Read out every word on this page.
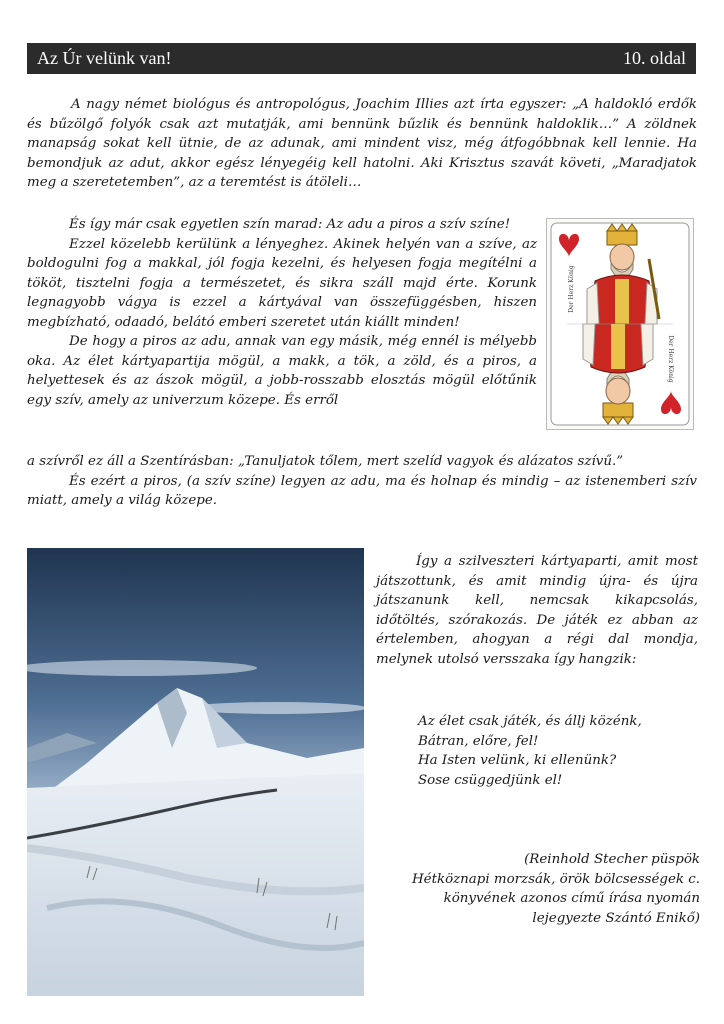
Az Úr velünk van!	10. oldal
A nagy német biológus és antropológus, Joachim Illies azt írta egyszer: „A haldokló erdők és bűzölgő folyók csak azt mutatják, ami bennünk bűzlik és bennünk haldoklik…” A zöldnek manapság sokat kell ütnie, de az adunak, ami mindent visz, még átfogóbbnak kell lennie. Ha bemondjuk az adut, akkor egész lényegéig kell hatolni. Aki Krisztus szavát követi, „Maradjatok meg a szeretetemben”, az a teremtést is átöleli…

És így már csak egyetlen szín marad: Az adu a piros a szív színe!

Ezzel közelebb kerülünk a lényeghez. Akinek helyén van a szíve, az boldogulni fog a makkal, jól fogja kezelni, és helyesen fogja megítélni a tököt, tisztelni fogja a természetet, és sikra száll majd érte. Korunk legnagyobb vágya is ezzel a kártyával van összefüggésben, hiszen megbízható, odaadó, belátó emberi szeretet után kiállt minden!

De hogy a piros az adu, annak van egy másik, még ennél is mélyebb oka. Az élet kártyapartija mögül, a makk, a tök, a zöld, és a piros, a helyettesek és az ászok mögül, a jobb-rosszabb elosztás mögül előtűnik egy szív, amely az univerzum közepe. És erről

a szívről ez áll a Szentírásban: „Tanuljatok tőlem, mert szelíd vagyok és alázatos szívű.”

És ezért a piros, (a szív színe) legyen az adu, ma és holnap és mindig – az istenemberi szív miatt, amely a világ közepe.

Der Herz König
Der Herz König

Így a szilveszteri kártyaparti, amit most játszottunk, és amit mindig újra- és újra játszanunk kell, nemcsak kikapcsolás, időtöltés, szórakozás. De játék ez abban az értelemben, ahogyan a régi dal mondja, melynek utolsó versszaka így hangzik:

Az élet csak játék, és állj közénk,
Bátran, előre, fel!
Ha Isten velünk, ki ellenünk?
Sose csüggedjünk el!
(Reinhold Stecher püspök
Hétköznapi morzsák, örök bölcsességek c.
könyvének azonos című írása nyomán
lejegyezte Szántó Enikő)
